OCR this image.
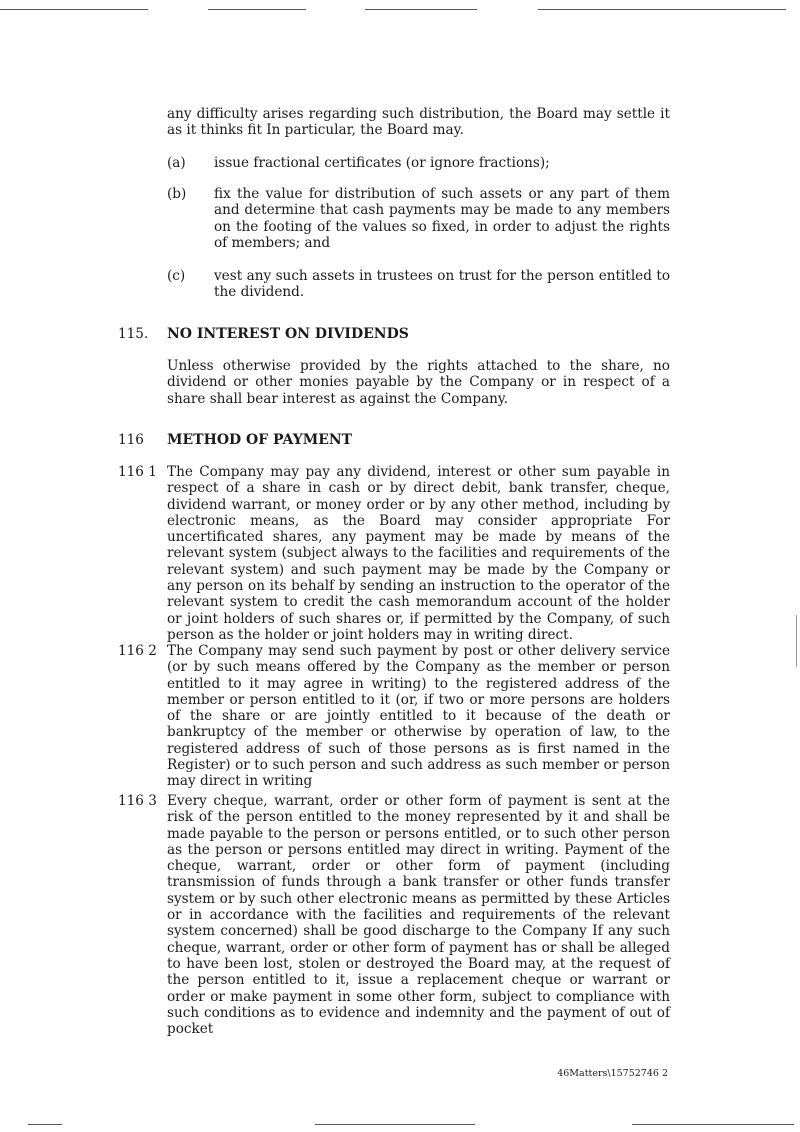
any difficulty arises regarding such distribution, the Board may settle it as it thinks fit In particular, the Board may.
(a) issue fractional certificates (or ignore fractions);
(b) fix the value for distribution of such assets or any part of them and determine that cash payments may be made to any members on the footing of the values so fixed, in order to adjust the rights of members; and
(c) vest any such assets in trustees on trust for the person entitled to the dividend.
115. NO INTEREST ON DIVIDENDS
Unless otherwise provided by the rights attached to the share, no dividend or other monies payable by the Company or in respect of a share shall bear interest as against the Company.
116 METHOD OF PAYMENT
116 1 The Company may pay any dividend, interest or other sum payable in respect of a share in cash or by direct debit, bank transfer, cheque, dividend warrant, or money order or by any other method, including by electronic means, as the Board may consider appropriate For uncertificated shares, any payment may be made by means of the relevant system (subject always to the facilities and requirements of the relevant system) and such payment may be made by the Company or any person on its behalf by sending an instruction to the operator of the relevant system to credit the cash memorandum account of the holder or joint holders of such shares or, if permitted by the Company, of such person as the holder or joint holders may in writing direct.
116 2 The Company may send such payment by post or other delivery service (or by such means offered by the Company as the member or person entitled to it may agree in writing) to the registered address of the member or person entitled to it (or, if two or more persons are holders of the share or are jointly entitled to it because of the death or bankruptcy of the member or otherwise by operation of law, to the registered address of such of those persons as is first named in the Register) or to such person and such address as such member or person may direct in writing
116 3 Every cheque, warrant, order or other form of payment is sent at the risk of the person entitled to the money represented by it and shall be made payable to the person or persons entitled, or to such other person as the person or persons entitled may direct in writing. Payment of the cheque, warrant, order or other form of payment (including transmission of funds through a bank transfer or other funds transfer system or by such other electronic means as permitted by these Articles or in accordance with the facilities and requirements of the relevant system concerned) shall be good discharge to the Company If any such cheque, warrant, order or other form of payment has or shall be alleged to have been lost, stolen or destroyed the Board may, at the request of the person entitled to it, issue a replacement cheque or warrant or order or make payment in some other form, subject to compliance with such conditions as to evidence and indemnity and the payment of out of pocket
46Matters\15752746 2
